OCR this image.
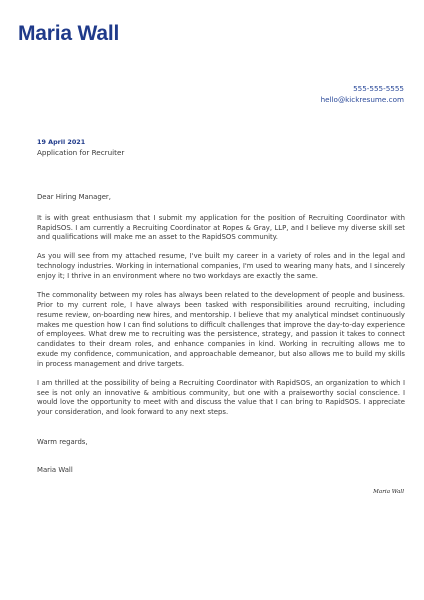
Maria Wall
555-555-5555
hello@kickresume.com
19 April 2021
Application for Recruiter

Dear Hiring Manager,

It is with great enthusiasm that I submit my application for the position of Recruiting Coordinator with RapidSOS. I am currently a Recruiting Coordinator at Ropes & Gray, LLP, and I believe my diverse skill set and qualifications will make me an asset to the RapidSOS community.

As you will see from my attached resume, I've built my career in a variety of roles and in the legal and technology industries. Working in international companies, I'm used to wearing many hats, and I sincerely enjoy it; I thrive in an environment where no two workdays are exactly the same.

The commonality between my roles has always been related to the development of people and business. Prior to my current role, I have always been tasked with responsibilities around recruiting, including resume review, on-boarding new hires, and mentorship. I believe that my analytical mindset continuously makes me question how I can find solutions to difficult challenges that improve the day-to-day experience of employees. What drew me to recruiting was the persistence, strategy, and passion it takes to connect candidates to their dream roles, and enhance companies in kind. Working in recruiting allows me to exude my confidence, communication, and approachable demeanor, but also allows me to build my skills in process management and drive targets.

I am thrilled at the possibility of being a Recruiting Coordinator with RapidSOS, an organization to which I see is not only an innovative & ambitious community, but one with a praiseworthy social conscience. I would love the opportunity to meet with and discuss the value that I can bring to RapidSOS. I appreciate your consideration, and look forward to any next steps.

Warm regards,
Maria Wall
Maria Wall
